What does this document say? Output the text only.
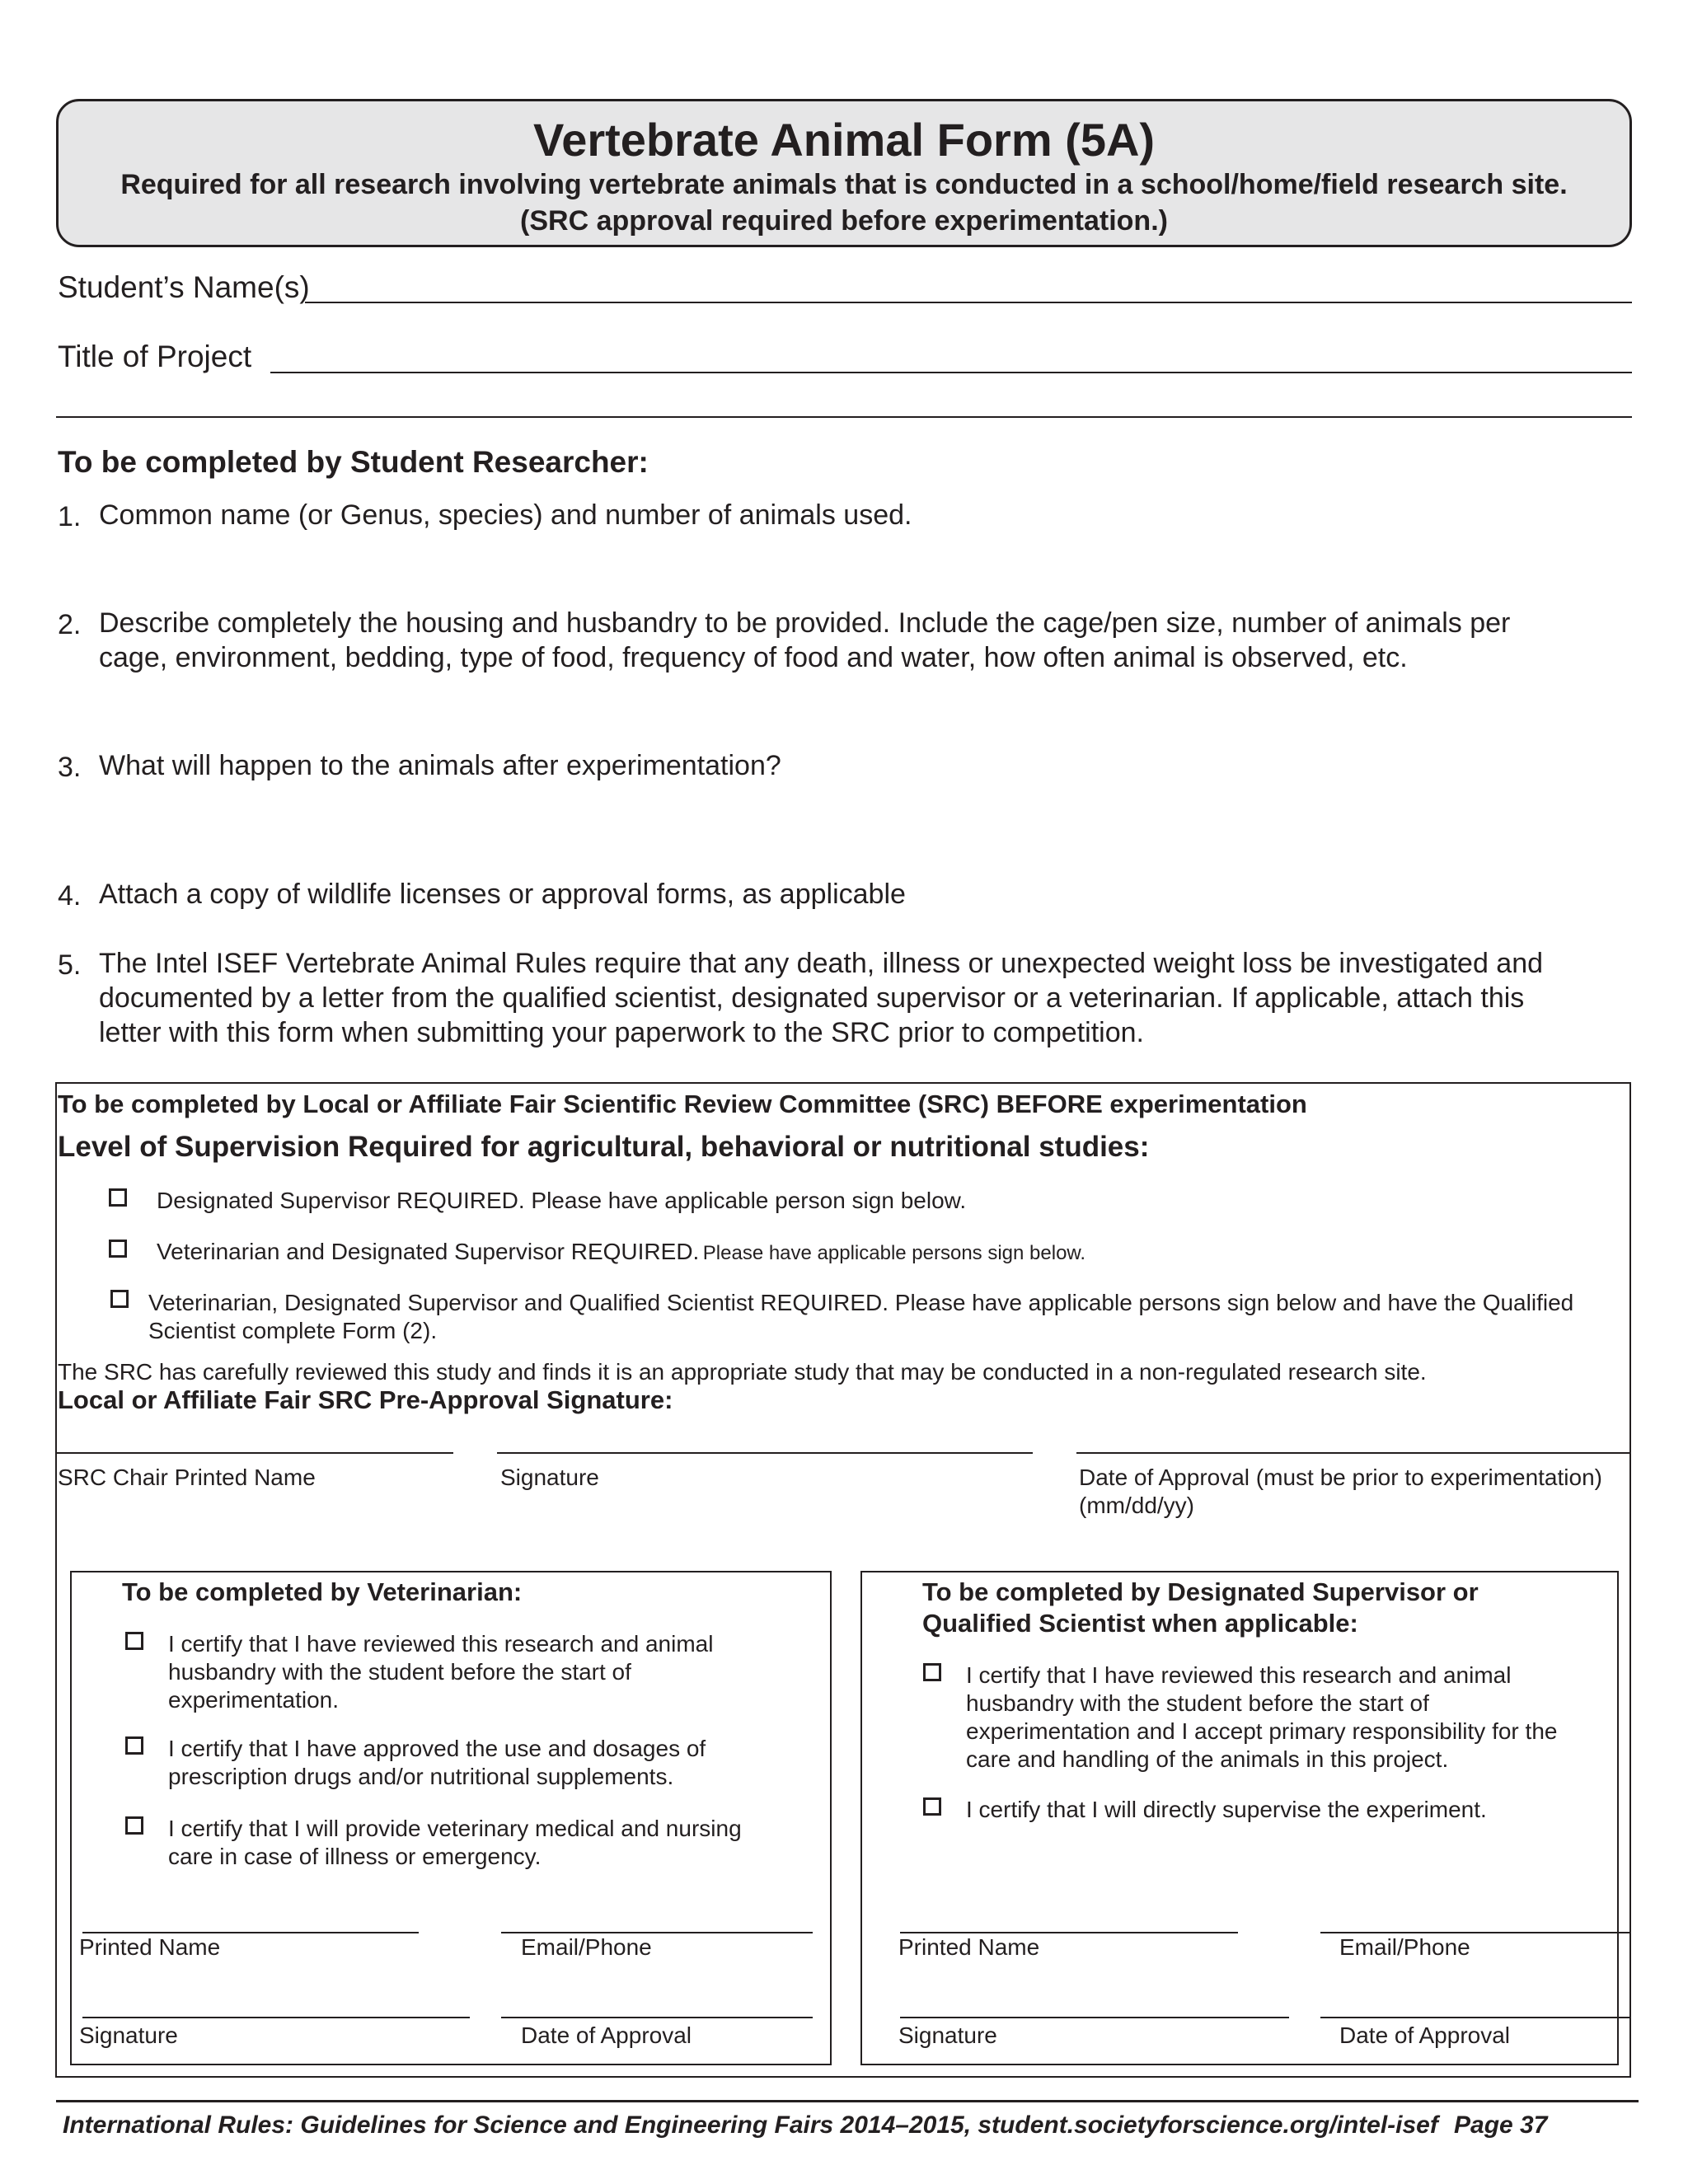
Vertebrate Animal Form (5A)
Required for all research involving vertebrate animals that is conducted in a school/home/field research site.
(SRC approval required before experimentation.)
Student’s Name(s)
Title of Project
To be completed by Student Researcher:
1. Common name (or Genus, species) and number of animals used.
2. Describe completely the housing and husbandry to be provided. Include the cage/pen size, number of animals per
cage, environment, bedding, type of food, frequency of food and water, how often animal is observed, etc.
3. What will happen to the animals after experimentation?
4. Attach a copy of wildlife licenses or approval forms, as applicable
5. The Intel ISEF Vertebrate Animal Rules require that any death, illness or unexpected weight loss be investigated and
documented by a letter from the qualified scientist, designated supervisor or a veterinarian. If applicable, attach this
letter with this form when submitting your paperwork to the SRC prior to competition.
To be completed by Local or Affiliate Fair Scientific Review Committee (SRC) BEFORE experimentation
Level of Supervision Required for agricultural, behavioral or nutritional studies:
Designated Supervisor REQUIRED. Please have applicable person sign below.
Veterinarian and Designated Supervisor REQUIRED. Please have applicable persons sign below.
Veterinarian, Designated Supervisor and Qualified Scientist REQUIRED. Please have applicable persons sign below and have the Qualified
Scientist complete Form (2).
The SRC has carefully reviewed this study and finds it is an appropriate study that may be conducted in a non-regulated research site.
Local or Affiliate Fair SRC Pre-Approval Signature:
SRC Chair Printed Name	Signature	Date of Approval (must be prior to experimentation)
(mm/dd/yy)
To be completed by Veterinarian:
I certify that I have reviewed this research and animal
husbandry with the student before the start of
experimentation.
I certify that I have approved the use and dosages of
prescription drugs and/or nutritional supplements.
I certify that I will provide veterinary medical and nursing
care in case of illness or emergency.
Printed Name	Email/Phone
Signature	Date of Approval
To be completed by Designated Supervisor or
Qualified Scientist when applicable:
I certify that I have reviewed this research and animal
husbandry with the student before the start of
experimentation and I accept primary responsibility for the
care and handling of the animals in this project.
I certify that I will directly supervise the experiment.
Printed Name	Email/Phone
Signature	Date of Approval
International Rules: Guidelines for Science and Engineering Fairs 2014–2015, student.societyforscience.org/intel-isef Page 37
